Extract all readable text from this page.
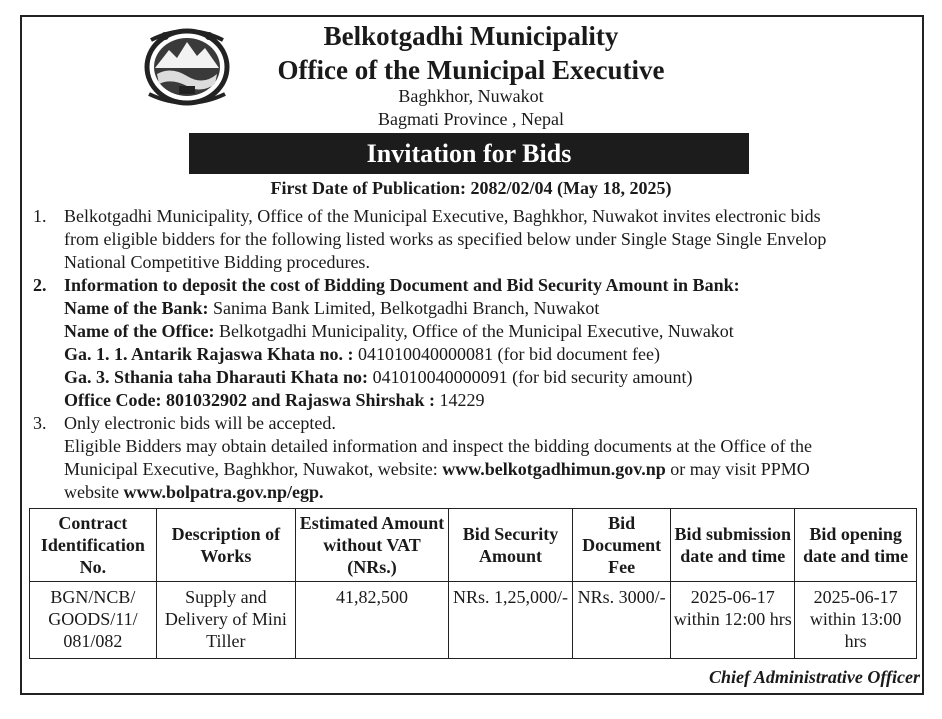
Belkotgadhi Municipality
Office of the Municipal Executive
Baghkhor, Nuwakot
Bagmati Province , Nepal
Invitation for Bids
First Date of Publication: 2082/02/04 (May 18, 2025)
1. Belkotgadhi Municipality, Office of the Municipal Executive, Baghkhor, Nuwakot invites electronic bids
from eligible bidders for the following listed works as specified below under Single Stage Single Envelop
National Competitive Bidding procedures.
2. Information to deposit the cost of Bidding Document and Bid Security Amount in Bank:
Name of the Bank: Sanima Bank Limited, Belkotgadhi Branch, Nuwakot
Name of the Office: Belkotgadhi Municipality, Office of the Municipal Executive, Nuwakot
Ga. 1. 1. Antarik Rajaswa Khata no. : 041010040000081 (for bid document fee)
Ga. 3. Sthania taha Dharauti Khata no: 041010040000091 (for bid security amount)
Office Code: 801032902 and Rajaswa Shirshak : 14229
3. Only electronic bids will be accepted.
Eligible Bidders may obtain detailed information and inspect the bidding documents at the Office of the
Municipal Executive, Baghkhor, Nuwakot, website: www.belkotgadhimun.gov.np or may visit PPMO
website www.bolpatra.gov.np/egp.
Contract Identification No.	Description of Works	Estimated Amount without VAT (NRs.)	Bid Security Amount	Bid Document Fee	Bid submission date and time	Bid opening date and time
BGN/NCB/ GOODS/11/ 081/082	Supply and Delivery of Mini Tiller	41,82,500	NRs. 1,25,000/-	NRs. 3000/-	2025-06-17 within 12:00 hrs	2025-06-17 within 13:00 hrs
Chief Administrative Officer
